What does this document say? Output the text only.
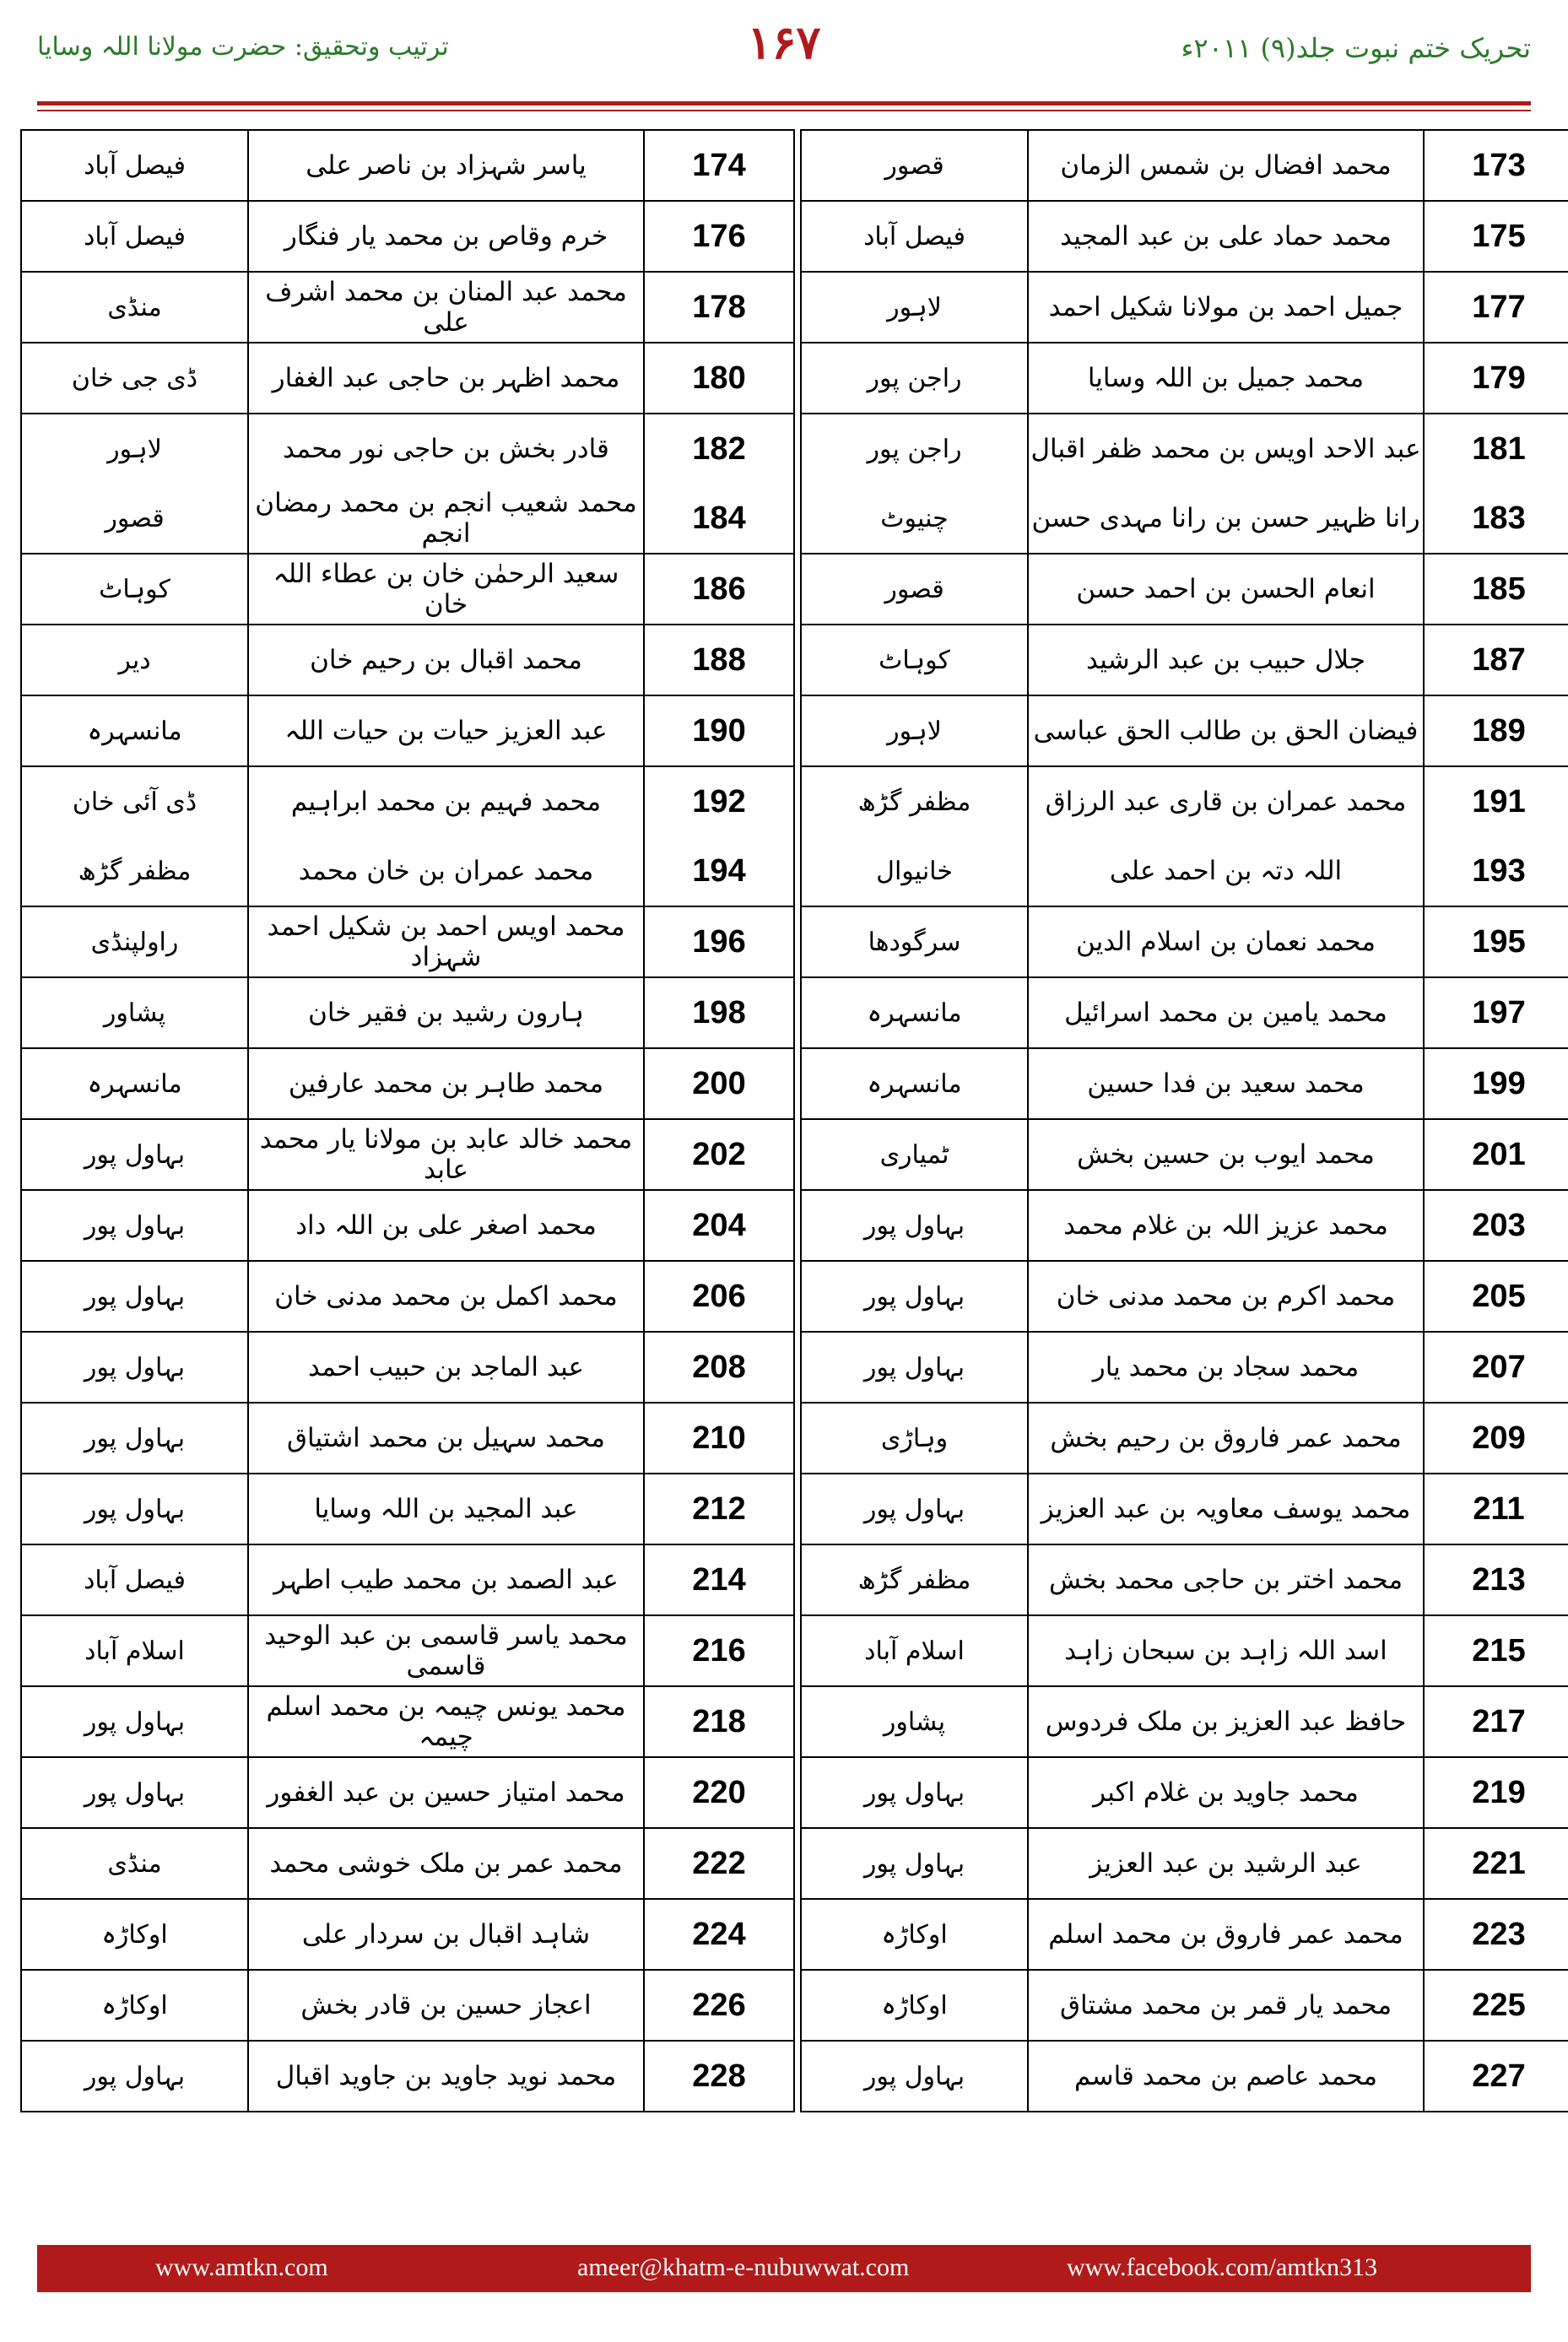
ترتیب وتحقیق: حضرت مولانا اللہ وسایا	۱۶۷	تحریک ختم نبوت جلد(۹) ۲۰۱۱ء
فیصل آباد	یاسر شہزاد بن ناصر علی	174
فیصل آباد	خرم وقاص بن محمد یار فنگار	176
منڈی	محمد عبد المنان بن محمد اشرف علی	178
ڈی جی خان	محمد اظہر بن حاجی عبد الغفار	180
لاہور	قادر بخش بن حاجی نور محمد	182
قصور	محمد شعیب انجم بن محمد رمضان انجم	184
کوہاٹ	سعید الرحمٰن خان بن عطاء اللہ خان	186
دیر	محمد اقبال بن رحیم خان	188
مانسہرہ	عبد العزیز حیات بن حیات اللہ	190
ڈی آئی خان	محمد فہیم بن محمد ابراہیم	192
مظفر گڑھ	محمد عمران بن خان محمد	194
راولپنڈی	محمد اویس احمد بن شکیل احمد شہزاد	196
پشاور	ہارون رشید بن فقیر خان	198
مانسہرہ	محمد طاہر بن محمد عارفین	200
بہاول پور	محمد خالد عابد بن مولانا یار محمد عابد	202
بہاول پور	محمد اصغر علی بن اللہ داد	204
بہاول پور	محمد اکمل بن محمد مدنی خان	206
بہاول پور	عبد الماجد بن حبیب احمد	208
بہاول پور	محمد سہیل بن محمد اشتیاق	210
بہاول پور	عبد المجید بن اللہ وسایا	212
فیصل آباد	عبد الصمد بن محمد طیب اطہر	214
اسلام آباد	محمد یاسر قاسمی بن عبد الوحید قاسمی	216
بہاول پور	محمد یونس چیمہ بن محمد اسلم چیمہ	218
بہاول پور	محمد امتیاز حسین بن عبد الغفور	220
منڈی	محمد عمر بن ملک خوشی محمد	222
اوکاڑہ	شاہد اقبال بن سردار علی	224
اوکاڑہ	اعجاز حسین بن قادر بخش	226
بہاول پور	محمد نوید جاوید بن جاوید اقبال	228
قصور	محمد افضال بن شمس الزمان	173
فیصل آباد	محمد حماد علی بن عبد المجید	175
لاہور	جمیل احمد بن مولانا شکیل احمد	177
راجن پور	محمد جمیل بن اللہ وسایا	179
راجن پور	عبد الاحد اویس بن محمد ظفر اقبال	181
چنیوٹ	رانا ظہیر حسن بن رانا مہدی حسن	183
قصور	انعام الحسن بن احمد حسن	185
کوہاٹ	جلال حبیب بن عبد الرشید	187
لاہور	فیضان الحق بن طالب الحق عباسی	189
مظفر گڑھ	محمد عمران بن قاری عبد الرزاق	191
خانیوال	اللہ دتہ بن احمد علی	193
سرگودھا	محمد نعمان بن اسلام الدین	195
مانسہرہ	محمد یامین بن محمد اسرائیل	197
مانسہرہ	محمد سعید بن فدا حسین	199
ٹمیاری	محمد ایوب بن حسین بخش	201
بہاول پور	محمد عزیز اللہ بن غلام محمد	203
بہاول پور	محمد اکرم بن محمد مدنی خان	205
بہاول پور	محمد سجاد بن محمد یار	207
وہاڑی	محمد عمر فاروق بن رحیم بخش	209
بہاول پور	محمد یوسف معاویہ بن عبد العزیز	211
مظفر گڑھ	محمد اختر بن حاجی محمد بخش	213
اسلام آباد	اسد اللہ زاہد بن سبحان زاہد	215
پشاور	حافظ عبد العزیز بن ملک فردوس	217
بہاول پور	محمد جاوید بن غلام اکبر	219
بہاول پور	عبد الرشید بن عبد العزیز	221
اوکاڑہ	محمد عمر فاروق بن محمد اسلم	223
اوکاڑہ	محمد یار قمر بن محمد مشتاق	225
بہاول پور	محمد عاصم بن محمد قاسم	227
www.amtkn.com	ameer@khatm-e-nubuwwat.com	www.facebook.com/amtkn313
